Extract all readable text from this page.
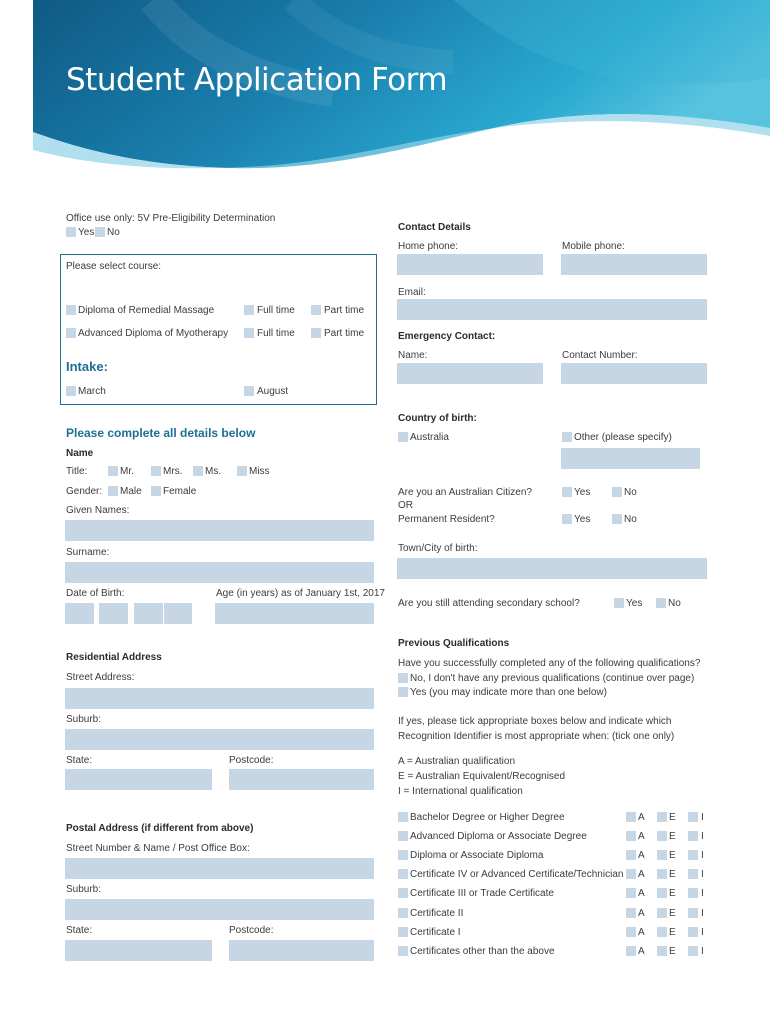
Student Application Form
Office use only: 5V Pre-Eligibility Determination
Yes No
Please select course:
Diploma of Remedial Massage	Full time	Part time
Advanced Diploma of Myotherapy	Full time	Part time
Intake:
March	August
Please complete all details below
Name
Title:	Mr.	Mrs. Ms.	Miss
Gender: Male Female
Given Names:
Surname:
Date of Birth:	Age (in years) as of January 1st, 2017
Residential Address
Street Address:
Suburb:
State:	Postcode:
Postal Address (if different from above)
Street Number & Name / Post Office Box:
Suburb:
State:	Postcode:
Contact Details
Home phone:	Mobile phone:
Email:
Emergency Contact:
Name:	Contact Number:
Country of birth:
Australia	Other (please specify)
Are you an Australian Citizen?	Yes	No
OR
Permanent Resident?	Yes	No
Town/City of birth:
Are you still attending secondary school?	Yes	No
Previous Qualifications
Have you successfully completed any of the following qualifications?
No, I don't have any previous qualifications (continue over page)
Yes (you may indicate more than one below)
If yes, please tick appropriate boxes below and indicate which
Recognition Identifier is most appropriate when: (tick one only)
A = Australian qualification
E = Australian Equivalent/Recognised
I = International qualification
Bachelor Degree or Higher Degree	A E	I
Advanced Diploma or Associate Degree	A E	I
Diploma or Associate Diploma	A E	I
Certificate IV or Advanced Certificate/Technician A E	I
Certificate III or Trade Certificate	A E	I
Certificate II	A E	I
Certificate I	A E	I
Certificates other than the above	A E	I
